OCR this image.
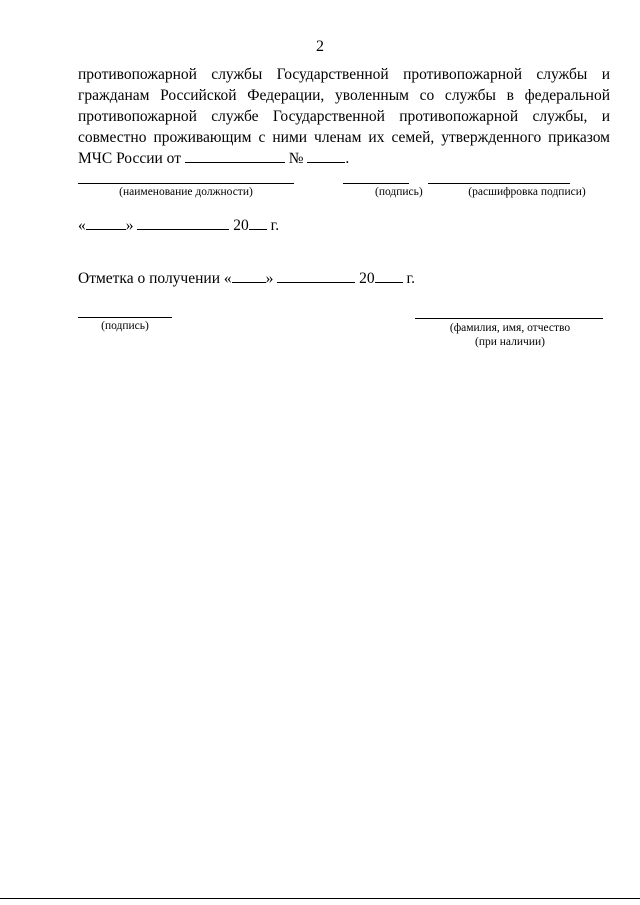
2
противопожарной службы Государственной противопожарной службы и
гражданам Российской Федерации, уволенным со службы в федеральной
противопожарной службе Государственной противопожарной службы, и
совместно проживающим с ними членам их семей, утвержденного приказом
МЧС России от	№	.
(наименование должности)	(подпись)	(расшифровка подписи)
«	»	20 г.
Отметка о получении « »	20 г.
(подпись)	(фамилия, имя, отчество
(при наличии)
